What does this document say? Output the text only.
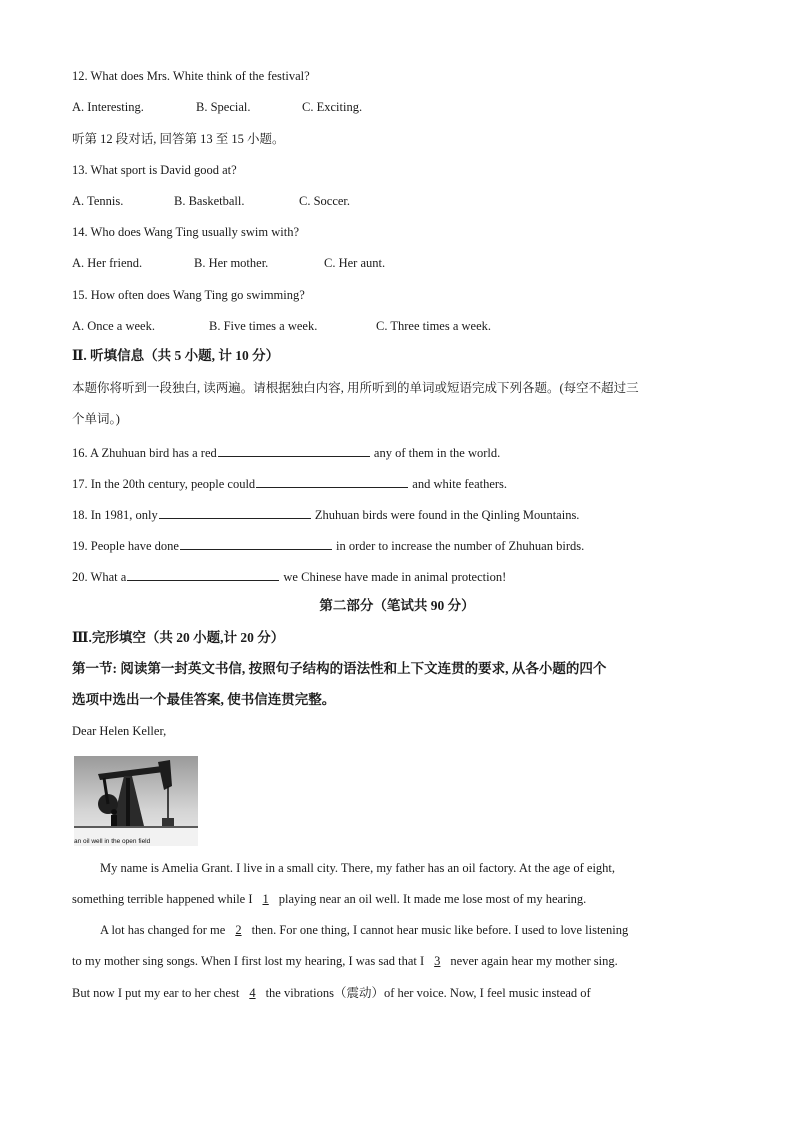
12. What does Mrs. White think of the festival?
A. Interesting.	B. Special.	C. Exciting.
听第 12 段对话, 回答第 13 至 15 小题。
13. What sport is David good at?
A. Tennis.	B. Basketball.	C. Soccer.
14. Who does Wang Ting usually swim with?
A. Her friend.	B. Her mother.	C. Her aunt.
15. How often does Wang Ting go swimming?
A. Once a week.	B. Five times a week.	C. Three times a week.
Ⅱ. 听填信息（共 5 小题, 计 10 分）
本题你将听到一段独白, 读两遍。请根据独白内容, 用所听到的单词或短语完成下列各题。(每空不超过三
个单词。)
16. A Zhuhuan bird has a red	any of them in the world.
17. In the 20th century, people could	and white feathers.
18. In 1981, only	Zhuhuan birds were found in the Qinling Mountains.
19. People have done	in order to increase the number of Zhuhuan birds.
20. What a	we Chinese have made in animal protection!
第二部分（笔试共 90 分）
Ⅲ.完形填空（共 20 小题,计 20 分）
第一节: 阅读第一封英文书信, 按照句子结构的语法性和上下文连贯的要求, 从各小题的四个
选项中选出一个最佳答案, 使书信连贯完整。
Dear Helen Keller,
an oil well in the open field
My name is Amelia Grant. I live in a small city. There, my father has an oil factory. At the age of eight,
something terrible happened while I 1 playing near an oil well. It made me lose most of my hearing.
A lot has changed for me 2 then. For one thing, I cannot hear music like before. I used to love listening
to my mother sing songs. When I first lost my hearing, I was sad that I 3 never again hear my mother sing.
But now I put my ear to her chest 4 the vibrations（震动）of her voice. Now, I feel music instead of
